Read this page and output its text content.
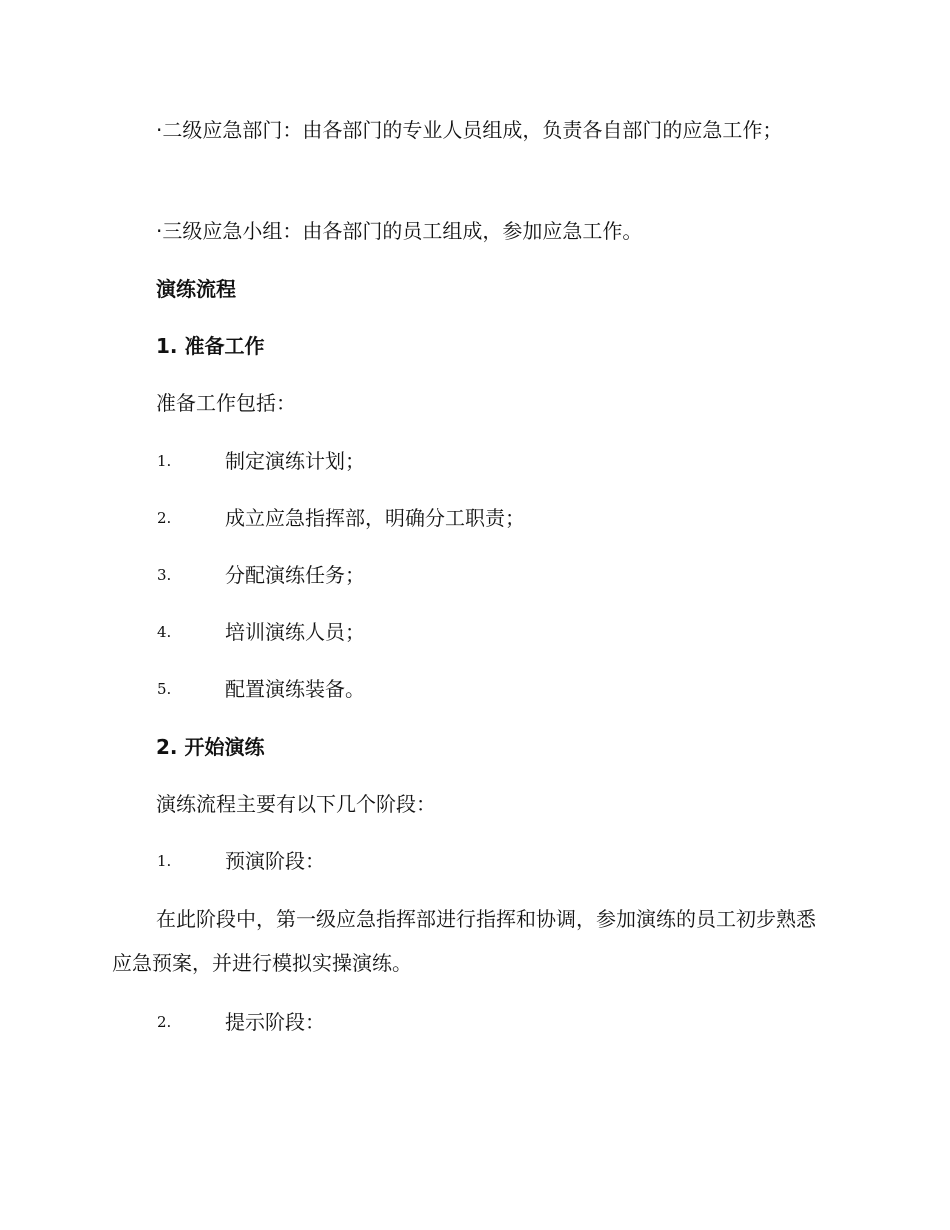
·二级应急部门：由各部门的专业人员组成，负责各自部门的应急工作；

·三级应急小组：由各部门的员工组成，参加应急工作。

演练流程

1. 准备工作

准备工作包括：

1.	制定演练计划；
2.	成立应急指挥部，明确分工职责；
3.	分配演练任务；
4.	培训演练人员；
5.	配置演练装备。

2. 开始演练

演练流程主要有以下几个阶段：

1.	预演阶段：

在此阶段中，第一级应急指挥部进行指挥和协调，参加演练的员工初步熟悉应急预案，并进行模拟实操演练。

2.	提示阶段：
